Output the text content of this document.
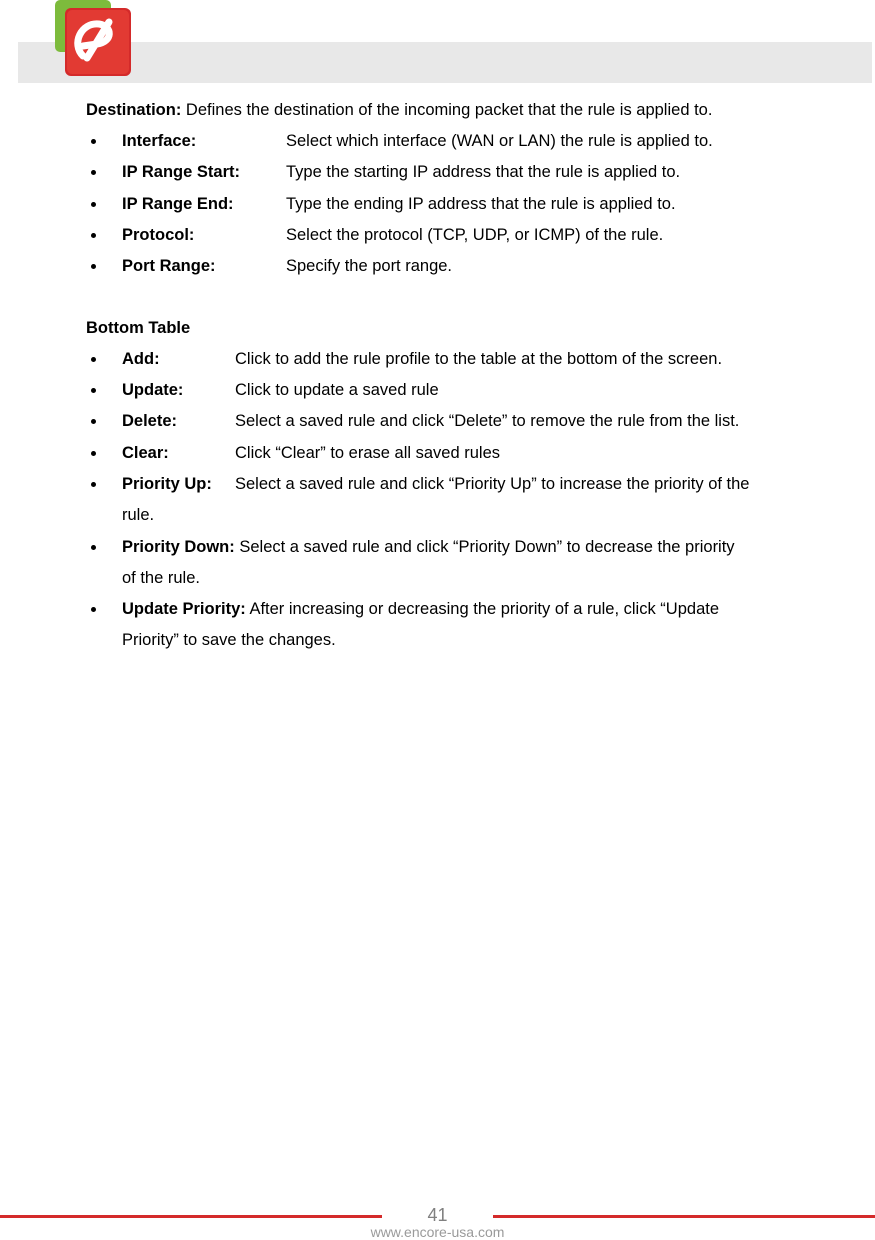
Destination: Defines the destination of the incoming packet that the rule is applied to.
Interface:	Select which interface (WAN or LAN) the rule is applied to.
IP Range Start:	Type the starting IP address that the rule is applied to.
IP Range End:	Type the ending IP address that the rule is applied to.
Protocol:	Select the protocol (TCP, UDP, or ICMP) of the rule.
Port Range:	Specify the port range.
Bottom Table
Add:	Click to add the rule profile to the table at the bottom of the screen.
Update:	Click to update a saved rule
Delete:	Select a saved rule and click “Delete” to remove the rule from the list.
Clear:	Click “Clear” to erase all saved rules
Priority Up: Select a saved rule and click “Priority Up” to increase the priority of the
rule.
Priority Down: Select a saved rule and click “Priority Down” to decrease the priority
of the rule.
Update Priority: After increasing or decreasing the priority of a rule, click “Update
Priority” to save the changes.
41
www.encore-usa.com
